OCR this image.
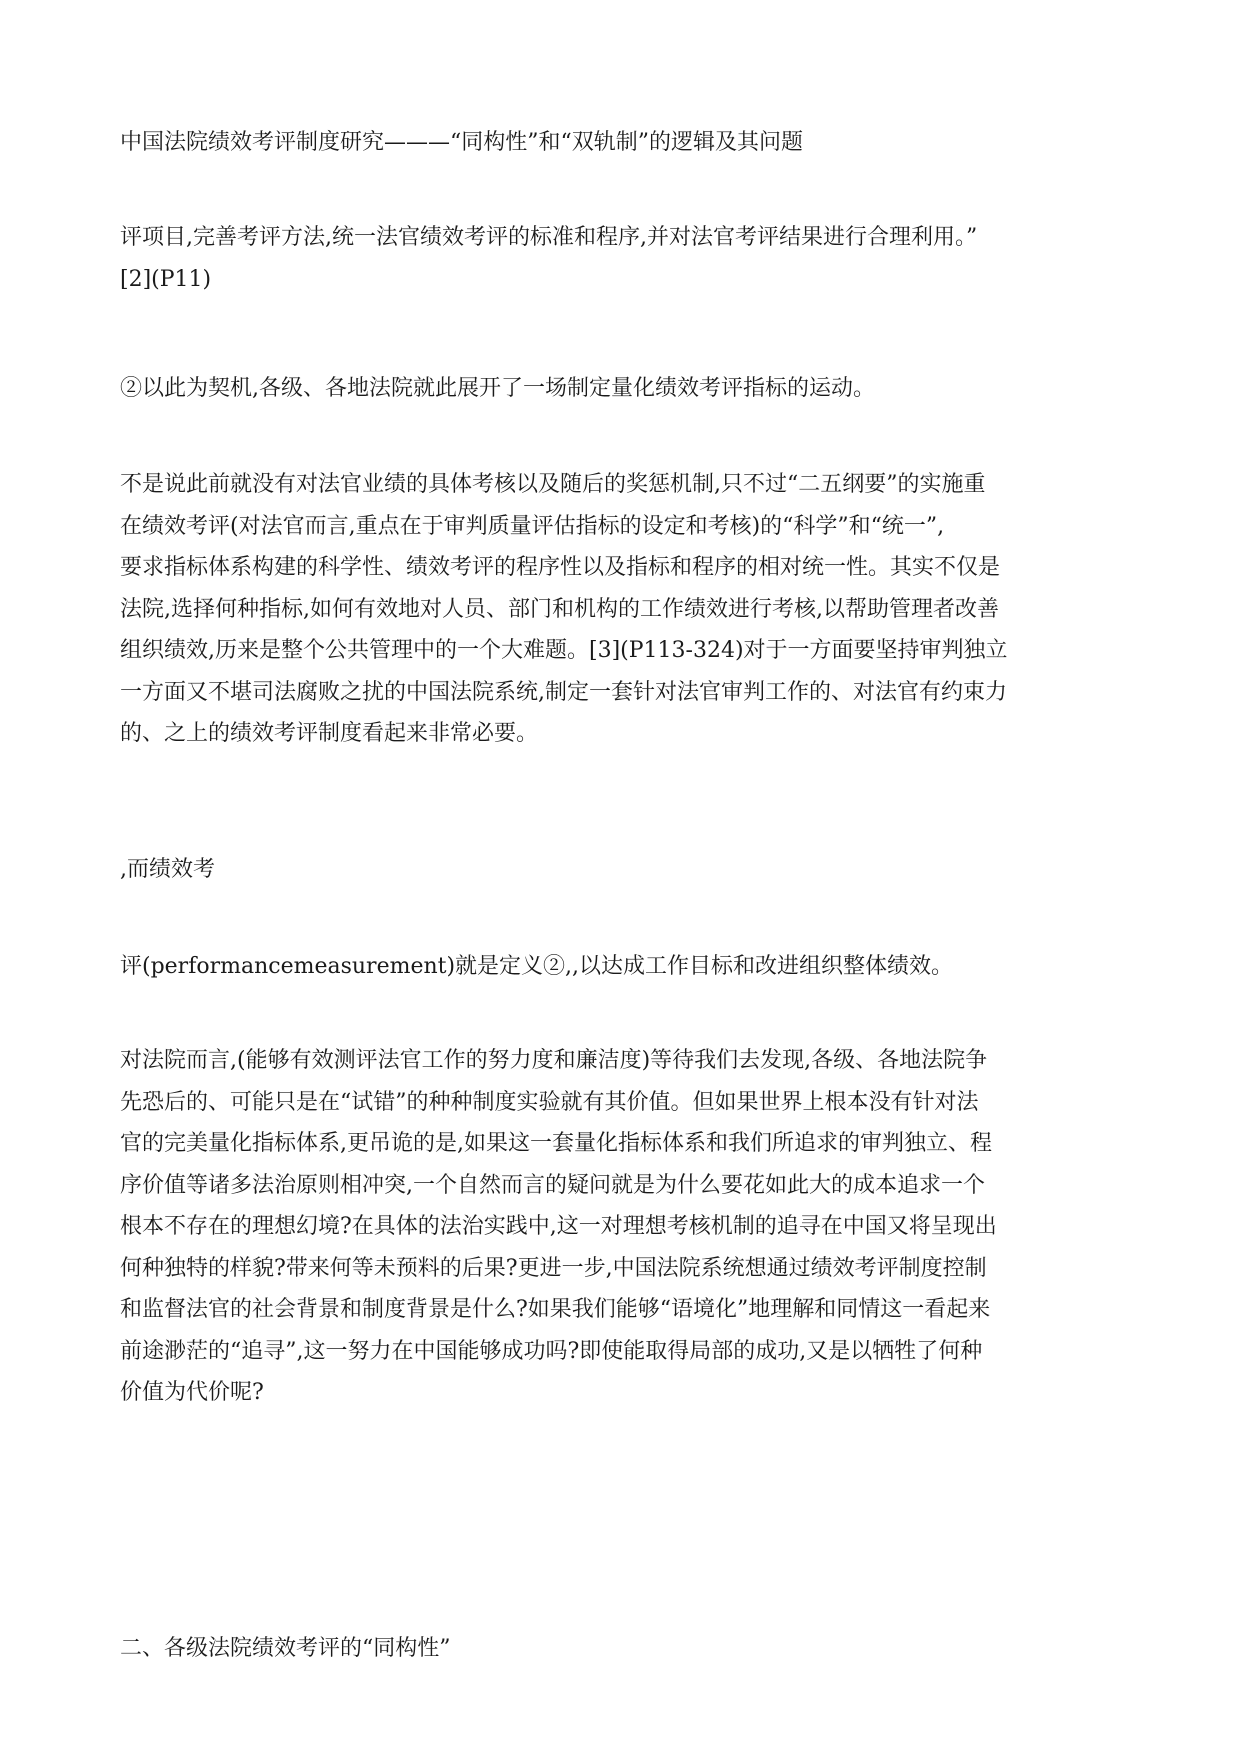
中国法院绩效考评制度研究———“同构性”和“双轨制”的逻辑及其问题
评项目,完善考评方法,统一法官绩效考评的标准和程序,并对法官考评结果进行合理利用。”
[2](P11)
②以此为契机,各级、各地法院就此展开了一场制定量化绩效考评指标的运动。
不是说此前就没有对法官业绩的具体考核以及随后的奖惩机制,只不过“二五纲要”的实施重
在绩效考评(对法官而言,重点在于审判质量评估指标的设定和考核)的“科学”和“统一”,
要求指标体系构建的科学性、绩效考评的程序性以及指标和程序的相对统一性。其实不仅是
法院,选择何种指标,如何有效地对人员、部门和机构的工作绩效进行考核,以帮助管理者改善
组织绩效,历来是整个公共管理中的一个大难题。[3](P113-324)对于一方面要坚持审判独立
一方面又不堪司法腐败之扰的中国法院系统,制定一套针对法官审判工作的、对法官有约束力
的、之上的绩效考评制度看起来非常必要。
,而绩效考
评(performancemeasurement)就是定义②,,以达成工作目标和改进组织整体绩效。
对法院而言,(能够有效测评法官工作的努力度和廉洁度)等待我们去发现,各级、各地法院争
先恐后的、可能只是在“试错”的种种制度实验就有其价值。但如果世界上根本没有针对法
官的完美量化指标体系,更吊诡的是,如果这一套量化指标体系和我们所追求的审判独立、程
序价值等诸多法治原则相冲突,一个自然而言的疑问就是为什么要花如此大的成本追求一个
根本不存在的理想幻境?在具体的法治实践中,这一对理想考核机制的追寻在中国又将呈现出
何种独特的样貌?带来何等未预料的后果?更进一步,中国法院系统想通过绩效考评制度控制
和监督法官的社会背景和制度背景是什么?如果我们能够“语境化”地理解和同情这一看起来
前途渺茫的“追寻”,这一努力在中国能够成功吗?即使能取得局部的成功,又是以牺牲了何种
价值为代价呢?
二、各级法院绩效考评的“同构性”
